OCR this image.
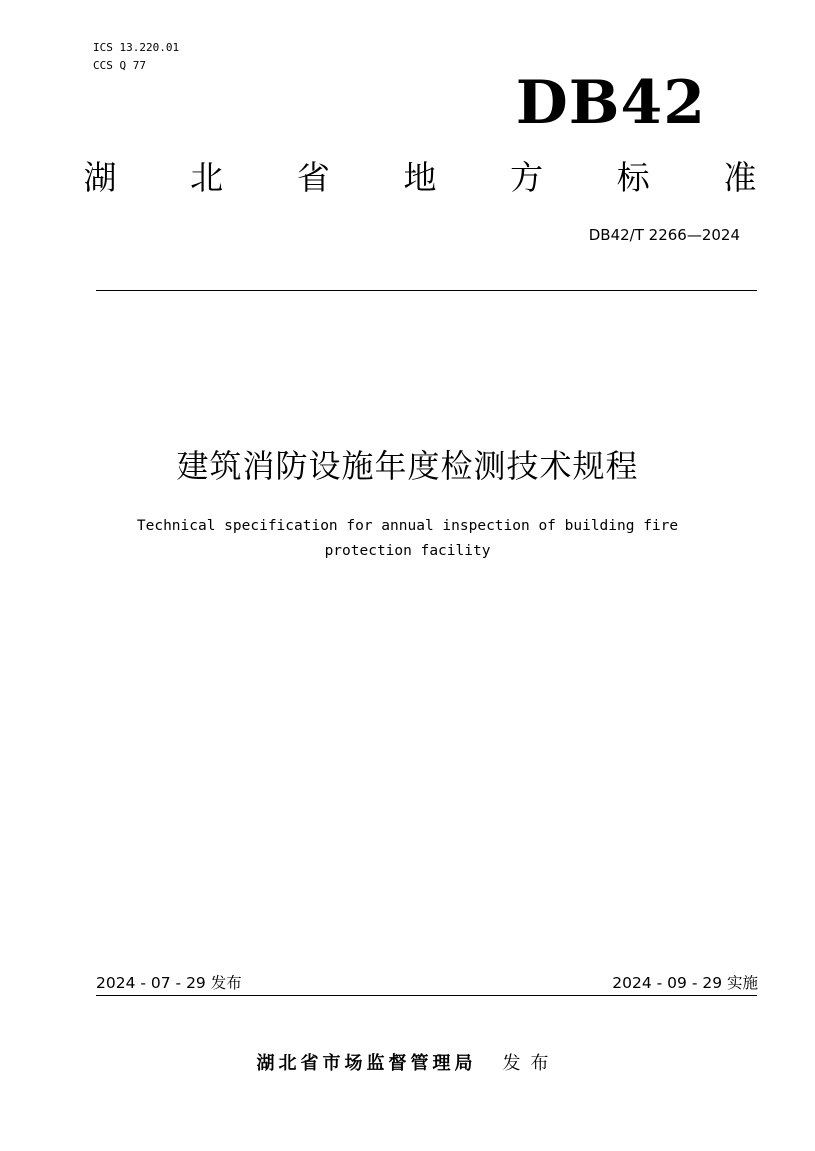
ICS 13.220.01
CCS Q 77
DB42
湖 北 省 地 方 标 准
DB42/T 2266—2024
建筑消防设施年度检测技术规程
Technical specification for annual inspection of building fire protection facility
2024 - 07 - 29 发布	2024 - 09 - 29 实施
湖北省市场监督管理局 发布
